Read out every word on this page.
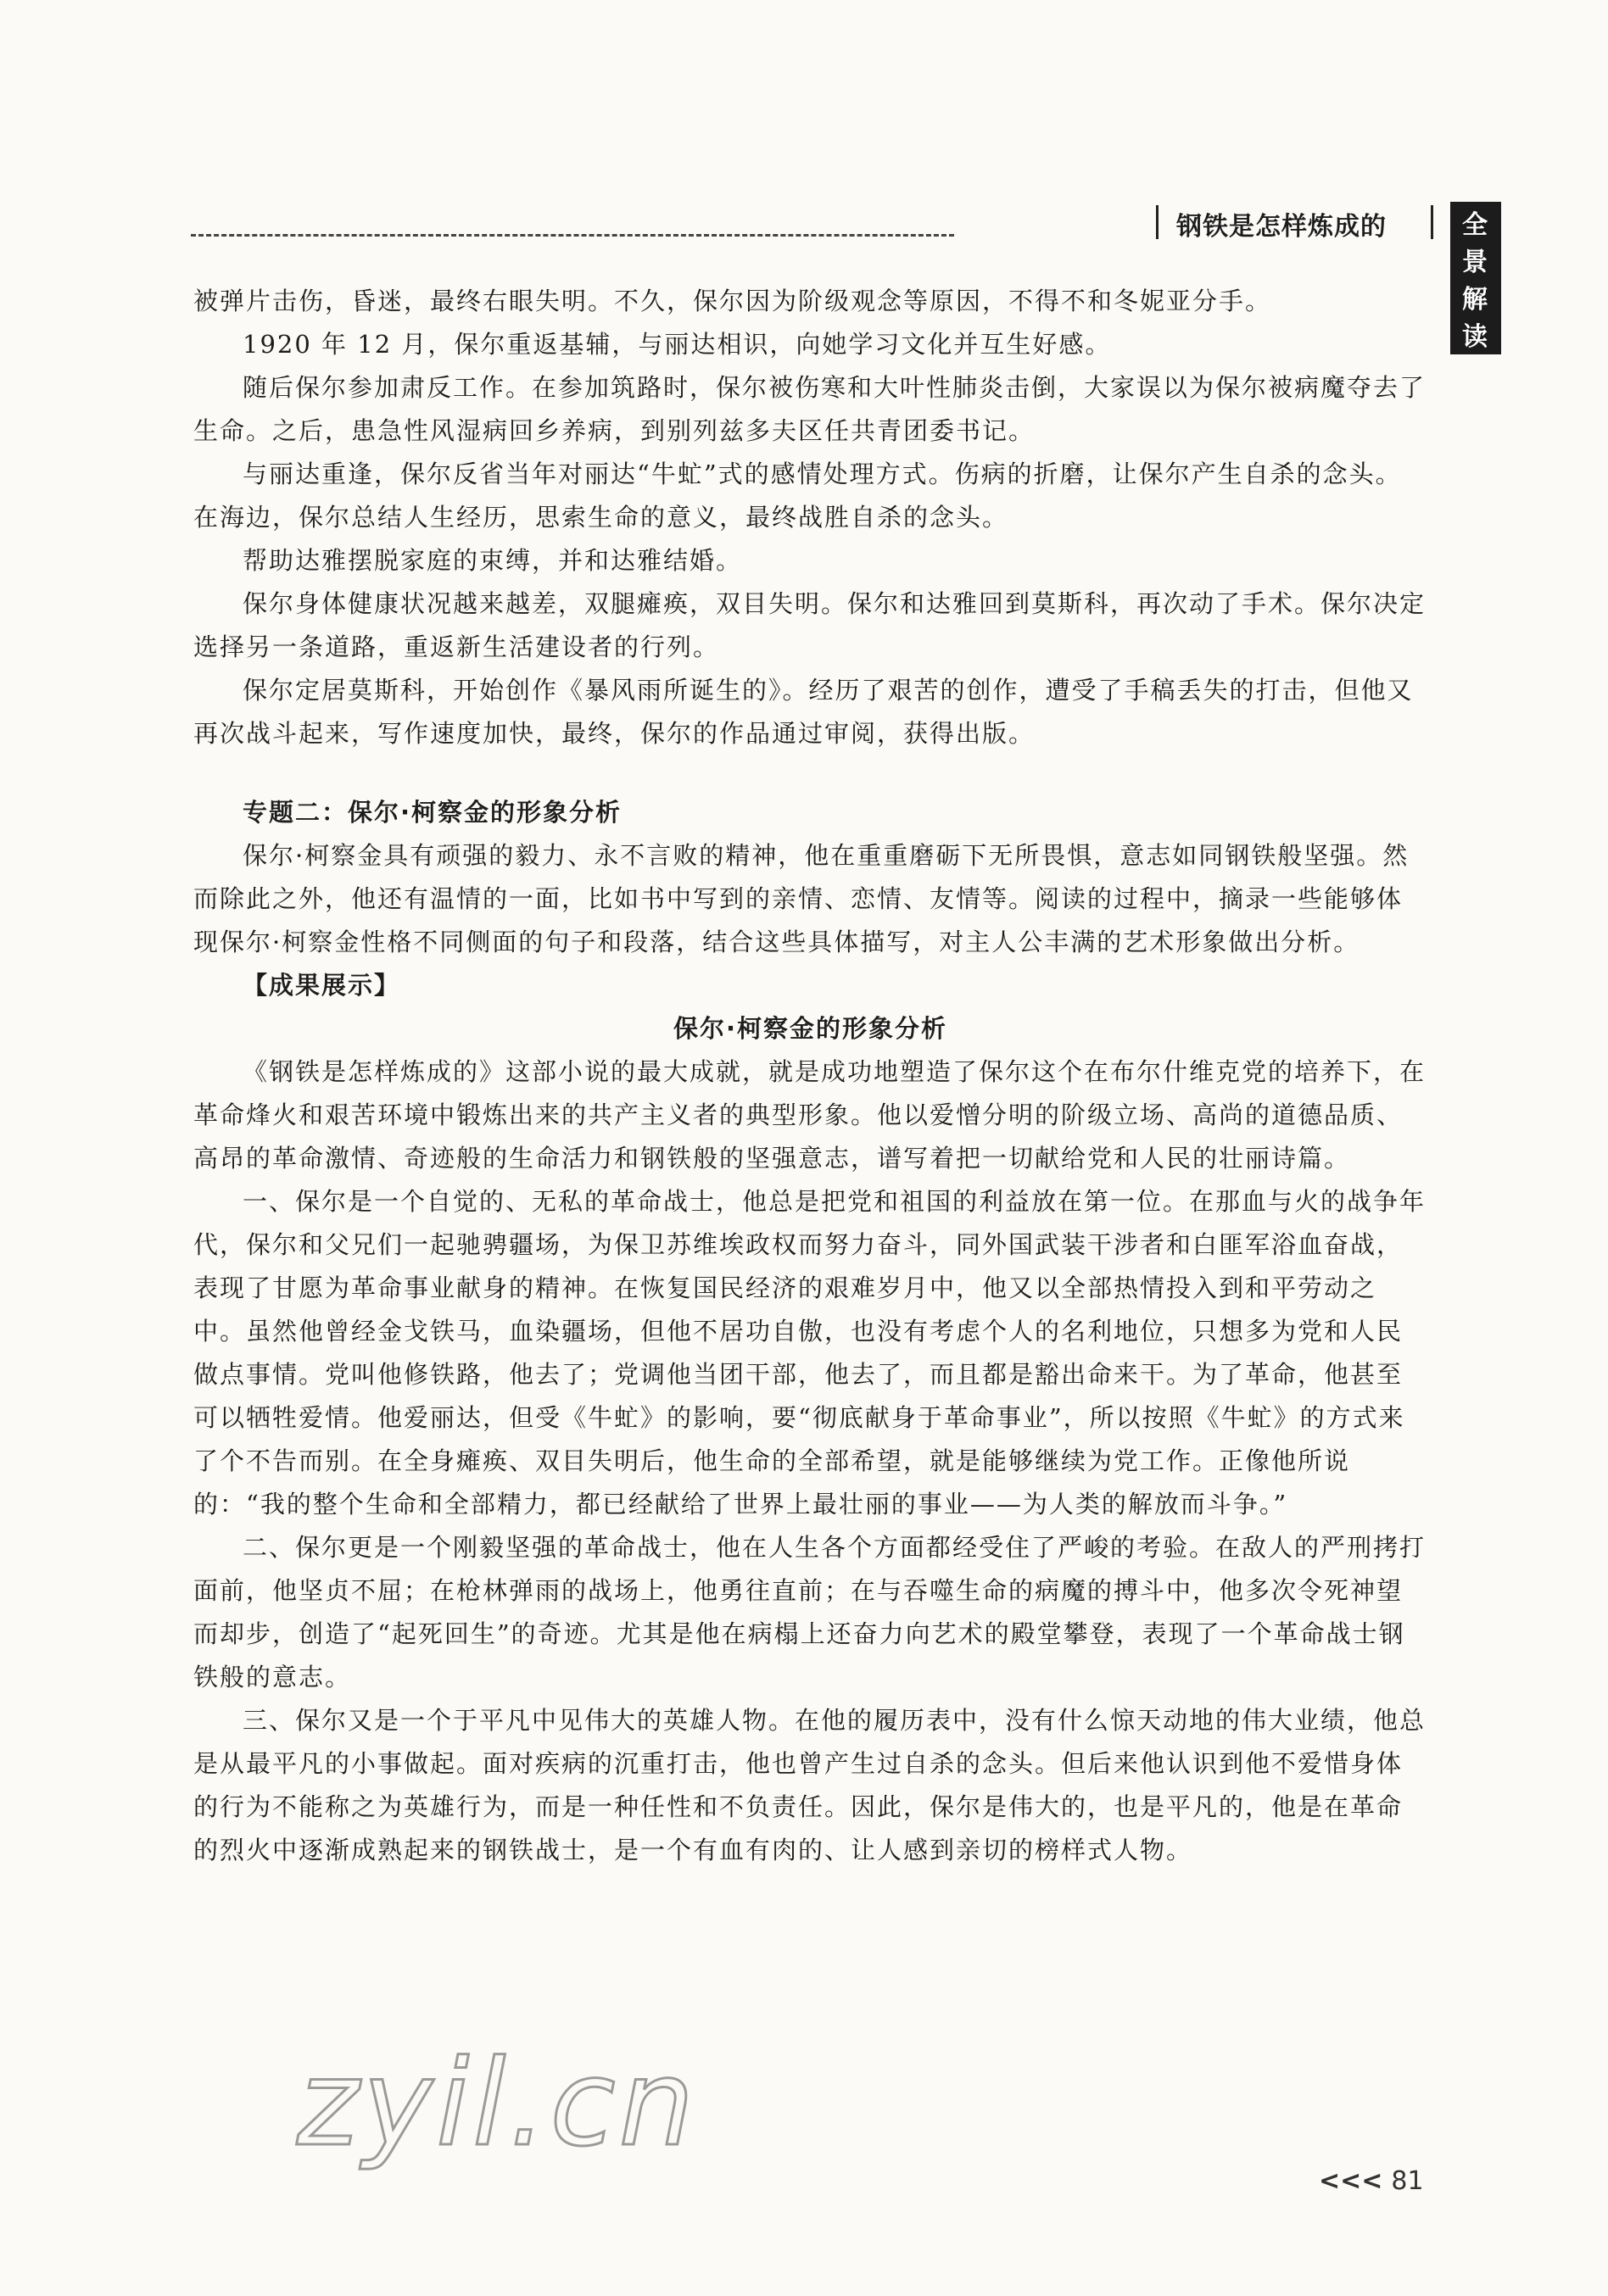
钢铁是怎样炼成的	全景解读

被弹片击伤，昏迷，最终右眼失明。不久，保尔因为阶级观念等原因，不得不和冬妮亚分手。

1920 年 12 月，保尔重返基辅，与丽达相识，向她学习文化并互生好感。

随后保尔参加肃反工作。在参加筑路时，保尔被伤寒和大叶性肺炎击倒，大家误以为保尔被病魔夺去了生命。之后，患急性风湿病回乡养病，到别列兹多夫区任共青团委书记。

与丽达重逢，保尔反省当年对丽达“牛虻”式的感情处理方式。伤病的折磨，让保尔产生自杀的念头。在海边，保尔总结人生经历，思索生命的意义，最终战胜自杀的念头。

帮助达雅摆脱家庭的束缚，并和达雅结婚。

保尔身体健康状况越来越差，双腿瘫痪，双目失明。保尔和达雅回到莫斯科，再次动了手术。保尔决定选择另一条道路，重返新生活建设者的行列。

保尔定居莫斯科，开始创作《暴风雨所诞生的》。经历了艰苦的创作，遭受了手稿丢失的打击，但他又再次战斗起来，写作速度加快，最终，保尔的作品通过审阅，获得出版。

专题二：保尔·柯察金的形象分析

保尔·柯察金具有顽强的毅力、永不言败的精神，他在重重磨砺下无所畏惧，意志如同钢铁般坚强。然而除此之外，他还有温情的一面，比如书中写到的亲情、恋情、友情等。阅读的过程中，摘录一些能够体现保尔·柯察金性格不同侧面的句子和段落，结合这些具体描写，对主人公丰满的艺术形象做出分析。

【成果展示】

保尔·柯察金的形象分析

《钢铁是怎样炼成的》这部小说的最大成就，就是成功地塑造了保尔这个在布尔什维克党的培养下，在革命烽火和艰苦环境中锻炼出来的共产主义者的典型形象。他以爱憎分明的阶级立场、高尚的道德品质、高昂的革命激情、奇迹般的生命活力和钢铁般的坚强意志，谱写着把一切献给党和人民的壮丽诗篇。

一、保尔是一个自觉的、无私的革命战士，他总是把党和祖国的利益放在第一位。在那血与火的战争年代，保尔和父兄们一起驰骋疆场，为保卫苏维埃政权而努力奋斗，同外国武装干涉者和白匪军浴血奋战，表现了甘愿为革命事业献身的精神。在恢复国民经济的艰难岁月中，他又以全部热情投入到和平劳动之中。虽然他曾经金戈铁马，血染疆场，但他不居功自傲，也没有考虑个人的名利地位，只想多为党和人民做点事情。党叫他修铁路，他去了；党调他当团干部，他去了，而且都是豁出命来干。为了革命，他甚至可以牺牲爱情。他爱丽达，但受《牛虻》的影响，要“彻底献身于革命事业”，所以按照《牛虻》的方式来了个不告而别。在全身瘫痪、双目失明后，他生命的全部希望，就是能够继续为党工作。正像他所说的：“我的整个生命和全部精力，都已经献给了世界上最壮丽的事业——为人类的解放而斗争。”

二、保尔更是一个刚毅坚强的革命战士，他在人生各个方面都经受住了严峻的考验。在敌人的严刑拷打面前，他坚贞不屈；在枪林弹雨的战场上，他勇往直前；在与吞噬生命的病魔的搏斗中，他多次令死神望而却步，创造了“起死回生”的奇迹。尤其是他在病榻上还奋力向艺术的殿堂攀登，表现了一个革命战士钢铁般的意志。

三、保尔又是一个于平凡中见伟大的英雄人物。在他的履历表中，没有什么惊天动地的伟大业绩，他总是从最平凡的小事做起。面对疾病的沉重打击，他也曾产生过自杀的念头。但后来他认识到他不爱惜身体的行为不能称之为英雄行为，而是一种任性和不负责任。因此，保尔是伟大的，也是平凡的，他是在革命的烈火中逐渐成熟起来的钢铁战士，是一个有血有肉的、让人感到亲切的榜样式人物。

zyil.cn
<<< 81
